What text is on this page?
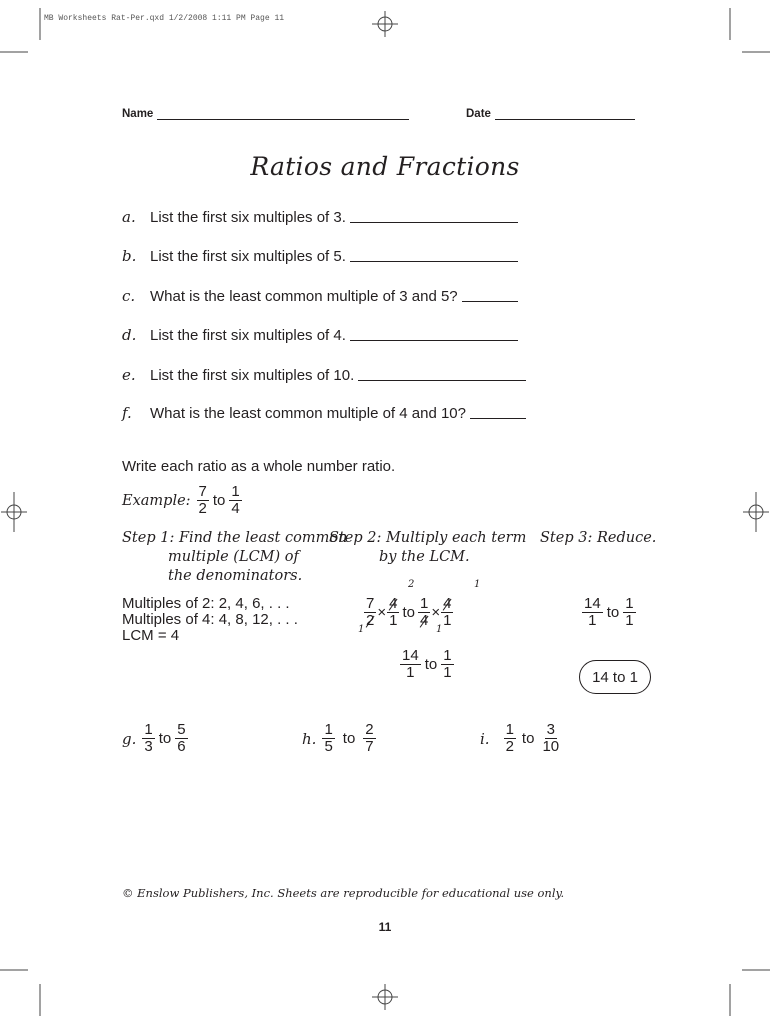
MB Worksheets Rat-Per.qxd 1/2/2008 1:11 PM Page 11
Name	Date
Ratios and Fractions
a. List the first six multiples of 3.
b. List the first six multiples of 5.
c. What is the least common multiple of 3 and 5?
d. List the first six multiples of 4.
e. List the first six multiples of 10.
f.	What is the least common multiple of 4 and 10?
Write each ratio as a whole number ratio.
Example: $\frac{7}{2}$ to $\frac{1}{4}$
Step 1: Find the least common
multiple (LCM) of
the denominators.
Step 2: Multiply each term
by the LCM.
Step 3: Reduce.
Multiples of 2: 2, 4, 6, . . .
Multiples of 4: 4, 8, 12, . . .
LCM = 4
2	1
1	1
$\frac{7}{2} \times \frac{4}{1}$ to $\frac{1}{4} \times \frac{4}{1}$
$\frac{14}{1}$ to $\frac{1}{1}$
$\frac{14}{1}$ to $\frac{1}{1}$
14 to 1
g. $\frac{1}{3}$ to $\frac{5}{6}$	h. $\frac{1}{5}$ to $\frac{2}{7}$	i. $\frac{1}{2}$ to $\frac{3}{10}$
© Enslow Publishers, Inc. Sheets are reproducible for educational use only.
11
